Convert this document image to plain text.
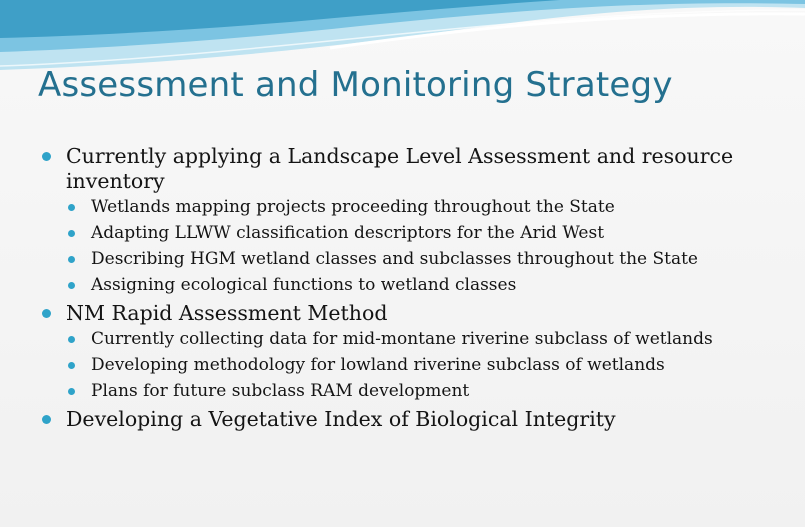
Assessment and Monitoring Strategy
Currently applying a Landscape Level Assessment and resource inventory
Wetlands mapping projects proceeding throughout the State
Adapting LLWW classification descriptors for the Arid West
Describing HGM wetland classes and subclasses throughout the State
Assigning ecological functions to wetland classes
NM Rapid Assessment Method
Currently collecting data for mid-montane riverine subclass of wetlands
Developing methodology for lowland riverine subclass of wetlands
Plans for future subclass RAM development
Developing a Vegetative Index of Biological Integrity
